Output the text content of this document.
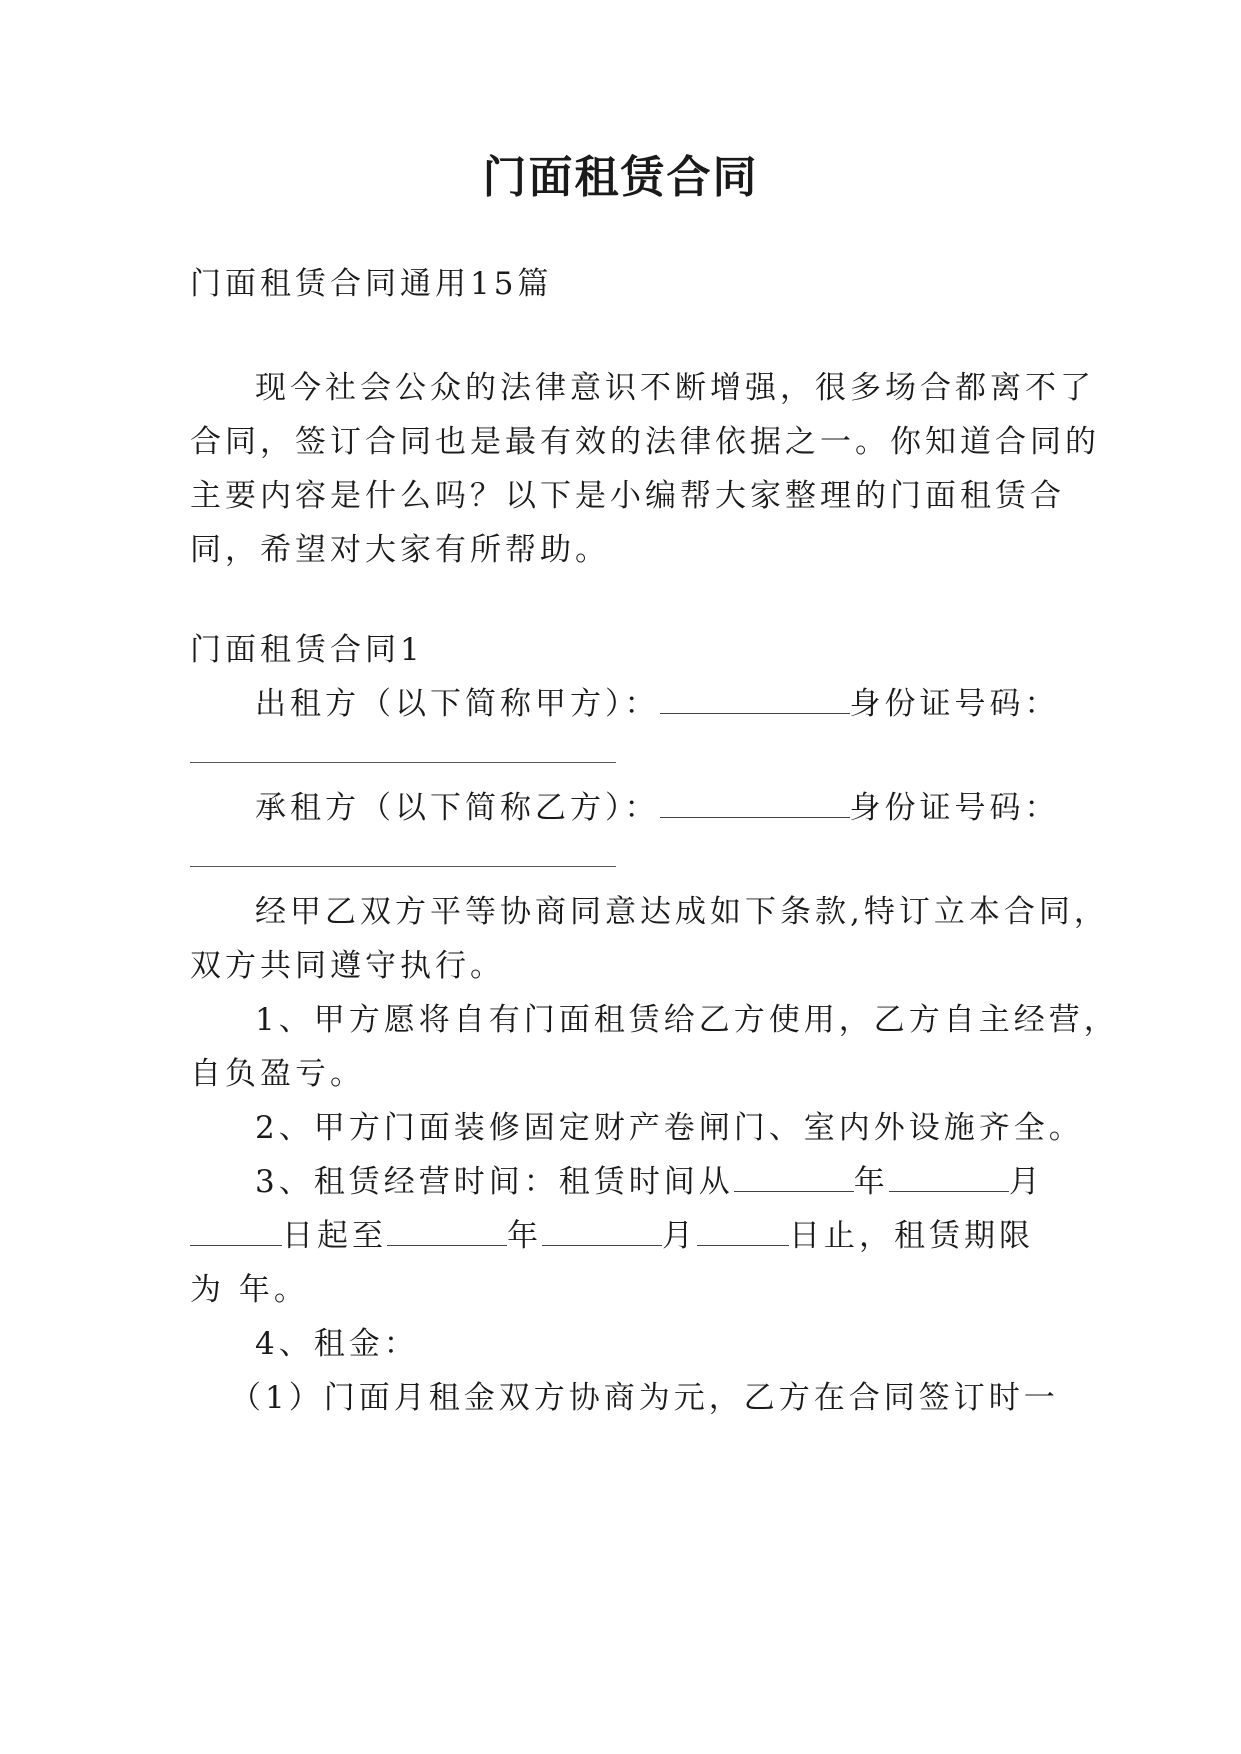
门面租赁合同
门面租赁合同通用15篇
现今社会公众的法律意识不断增强，很多场合都离不了
合同，签订合同也是最有效的法律依据之一。你知道合同的
主要内容是什么吗？以下是小编帮大家整理的门面租赁合
同，希望对大家有所帮助。
门面租赁合同1
出租方（以下简称甲方）：	身份证号码：
承租方（以下简称乙方）：	身份证号码：
经甲乙双方平等协商同意达成如下条款,特订立本合同，
双方共同遵守执行。
1、甲方愿将自有门面租赁给乙方使用，乙方自主经营，
自负盈亏。
2、甲方门面装修固定财产卷闸门、室内外设施齐全。
3、租赁经营时间：租赁时间从	年	月
日起至	年	月	日止，租赁期限
为 年。
4、租金：
（1）门面月租金双方协商为元，乙方在合同签订时一
